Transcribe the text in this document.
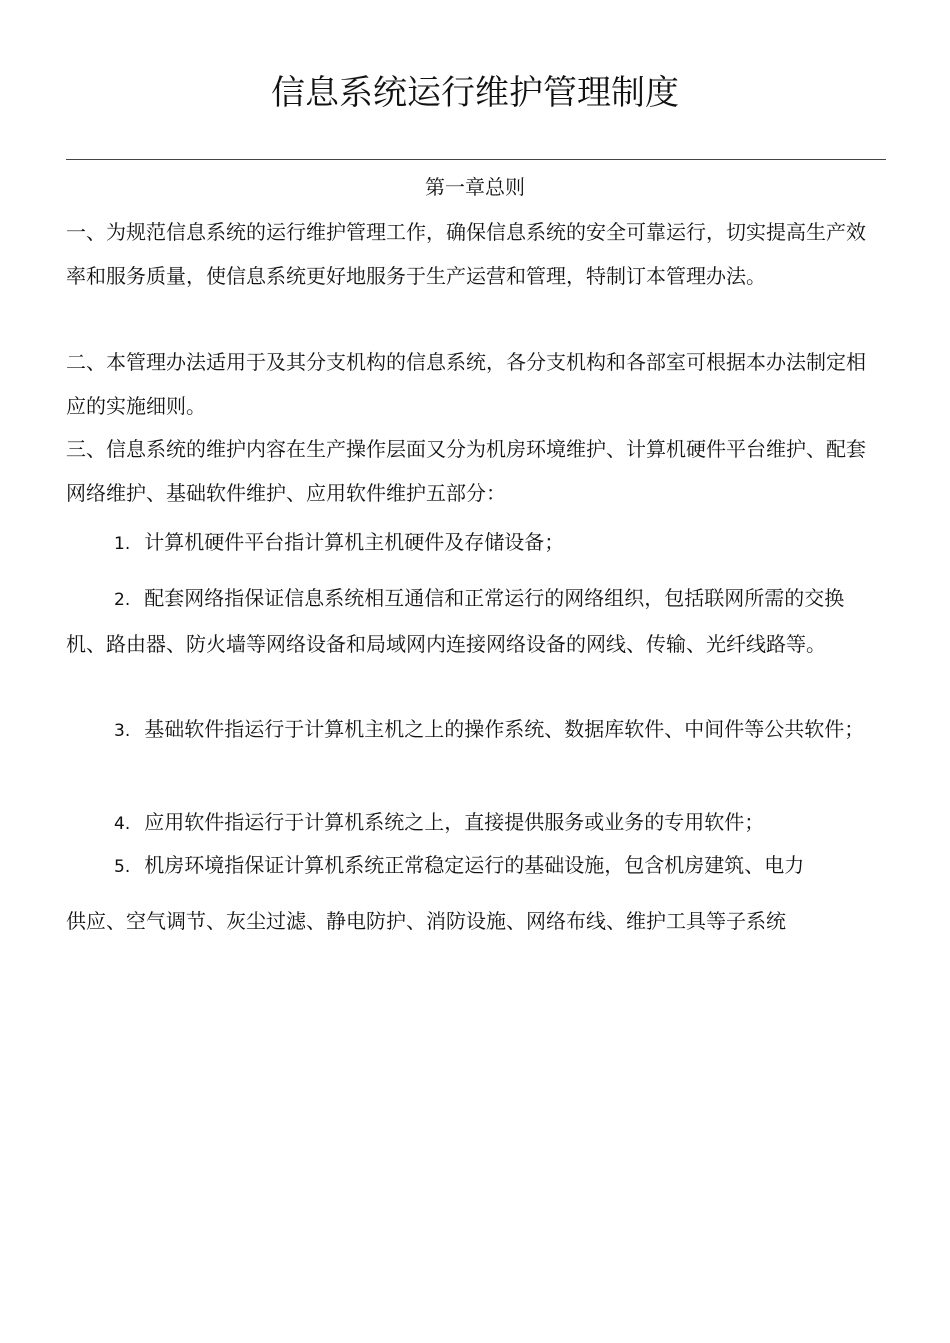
信息系统运行维护管理制度
第一章总则

一、为规范信息系统的运行维护管理工作，确保信息系统的安全可靠运行，切实提高生产效率和服务质量，使信息系统更好地服务于生产运营和管理，特制订本管理办法。

二、本管理办法适用于及其分支机构的信息系统，各分支机构和各部室可根据本办法制定相应的实施细则。

三、信息系统的维护内容在生产操作层面又分为机房环境维护、计算机硬件平台维护、配套网络维护、基础软件维护、应用软件维护五部分：

1. 计算机硬件平台指计算机主机硬件及存储设备；

2. 配套网络指保证信息系统相互通信和正常运行的网络组织，包括联网所需的交换机、路由器、防火墙等网络设备和局域网内连接网络设备的网线、传输、光纤线路等。

3. 基础软件指运行于计算机主机之上的操作系统、数据库软件、中间件等公共软件；

4. 应用软件指运行于计算机系统之上，直接提供服务或业务的专用软件；

5. 机房环境指保证计算机系统正常稳定运行的基础设施，包含机房建筑、电力

供应、空气调节、灰尘过滤、静电防护、消防设施、网络布线、维护工具等子系统
